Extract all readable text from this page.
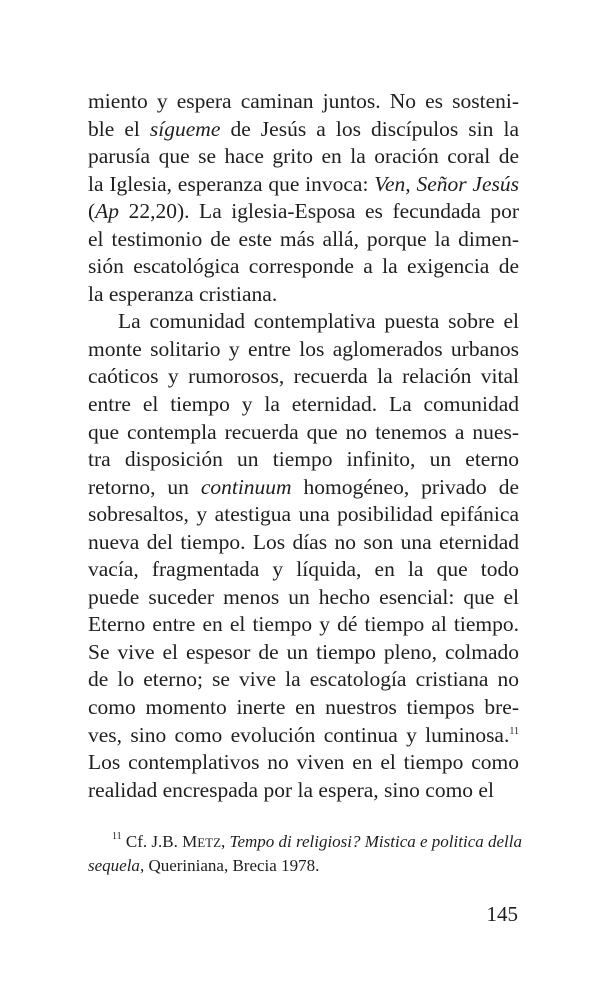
miento y espera caminan juntos. No es sosteni-
ble el sígueme de Jesús a los discípulos sin la
parusía que se hace grito en la oración coral de
la Iglesia, esperanza que invoca: Ven, Señor Jesús
(Ap 22,20). La iglesia-Esposa es fecundada por
el testimonio de este más allá, porque la dimen-
sión escatológica corresponde a la exigencia de
la esperanza cristiana.
La comunidad contemplativa puesta sobre el
monte solitario y entre los aglomerados urbanos
caóticos y rumorosos, recuerda la relación vital
entre el tiempo y la eternidad. La comunidad
que contempla recuerda que no tenemos a nues-
tra disposición un tiempo infinito, un eterno
retorno, un continuum homogéneo, privado de
sobresaltos, y atestigua una posibilidad epifánica
nueva del tiempo. Los días no son una eternidad
vacía, fragmentada y líquida, en la que todo
puede suceder menos un hecho esencial: que el
Eterno entre en el tiempo y dé tiempo al tiempo.
Se vive el espesor de un tiempo pleno, colmado
de lo eterno; se vive la escatología cristiana no
como momento inerte en nuestros tiempos bre-
ves, sino como evolución continua y luminosa.$^{11}$
Los contemplativos no viven en el tiempo como
realidad encrespada por la espera, sino como el
$^{11}$ Cf. J.B. METZ, Tempo di religiosi? Mistica e politica della
sequela, Queriniana, Brecia 1978.
145
